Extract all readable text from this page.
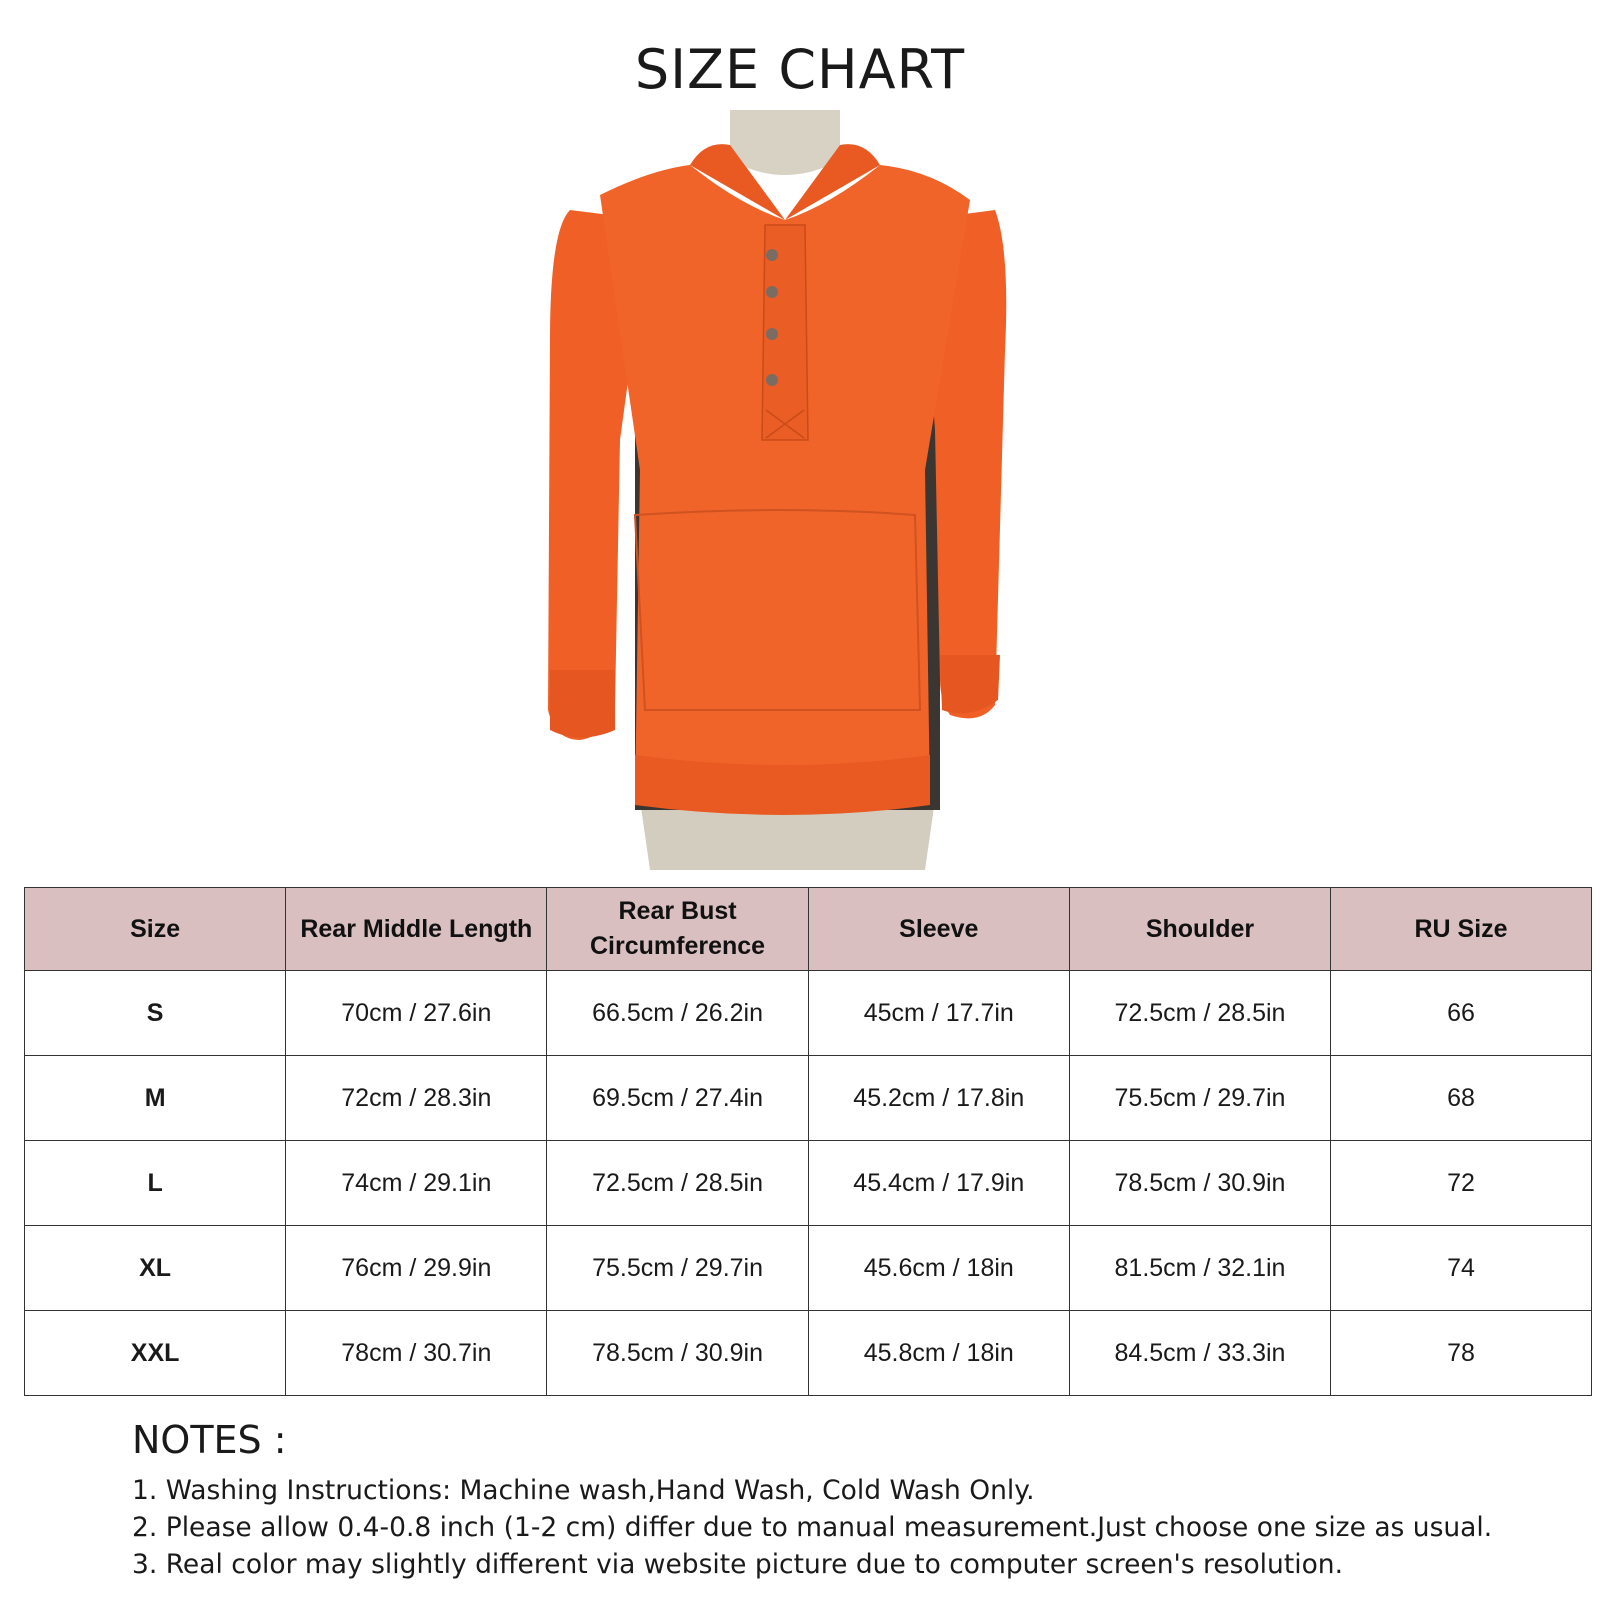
SIZE CHART
Size	Rear Middle Length	Rear Bust Circumference	Sleeve	Shoulder	RU Size
S	70cm / 27.6in	66.5cm / 26.2in	45cm / 17.7in	72.5cm / 28.5in	66
M	72cm / 28.3in	69.5cm / 27.4in	45.2cm / 17.8in	75.5cm / 29.7in	68
L	74cm / 29.1in	72.5cm / 28.5in	45.4cm / 17.9in	78.5cm / 30.9in	72
XL	76cm / 29.9in	75.5cm / 29.7in	45.6cm / 18in	81.5cm / 32.1in	74
XXL	78cm / 30.7in	78.5cm / 30.9in	45.8cm / 18in	84.5cm / 33.3in	78
NOTES :
1. Washing Instructions: Machine wash,Hand Wash, Cold Wash Only.
2. Please allow 0.4-0.8 inch (1-2 cm) differ due to manual measurement.Just choose one size as usual.
3. Real color may slightly different via website picture due to computer screen's resolution.
